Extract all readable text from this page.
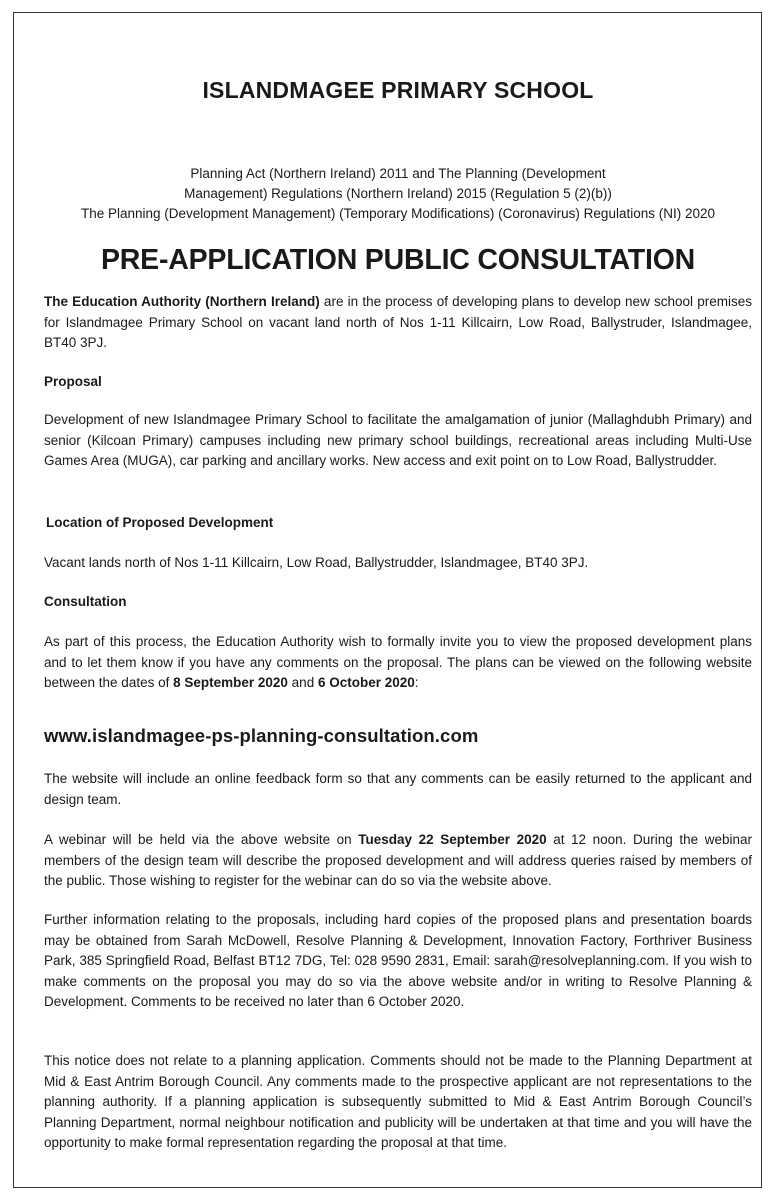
ISLANDMAGEE PRIMARY SCHOOL
Planning Act (Northern Ireland) 2011 and The Planning (Development
Management) Regulations (Northern Ireland) 2015 (Regulation 5 (2)(b))
The Planning (Development Management) (Temporary Modifications) (Coronavirus) Regulations (NI) 2020
PRE-APPLICATION PUBLIC CONSULTATION

The Education Authority (Northern Ireland) are in the process of developing plans to develop new school premises for Islandmagee Primary School on vacant land north of Nos 1-11 Killcairn, Low Road, Ballystruder, Islandmagee, BT40 3PJ.

Proposal

Development of new Islandmagee Primary School to facilitate the amalgamation of junior (Mallaghdubh Primary) and senior (Kilcoan Primary) campuses including new primary school buildings, recreational areas including Multi-Use Games Area (MUGA), car parking and ancillary works. New access and exit point on to Low Road, Ballystrudder.

Location of Proposed Development

Vacant lands north of Nos 1-11 Killcairn, Low Road, Ballystrudder, Islandmagee, BT40 3PJ.

Consultation

As part of this process, the Education Authority wish to formally invite you to view the proposed development plans and to let them know if you have any comments on the proposal. The plans can be viewed on the following website between the dates of 8 September 2020 and 6 October 2020:

www.islandmagee-ps-planning-consultation.com

The website will include an online feedback form so that any comments can be easily returned to the applicant and design team.

A webinar will be held via the above website on Tuesday 22 September 2020 at 12 noon. During the webinar members of the design team will describe the proposed development and will address queries raised by members of the public. Those wishing to register for the webinar can do so via the website above.

Further information relating to the proposals, including hard copies of the proposed plans and presentation boards may be obtained from Sarah McDowell, Resolve Planning & Development, Innovation Factory, Forthriver Business Park, 385 Springfield Road, Belfast BT12 7DG, Tel: 028 9590 2831, Email: sarah@resolveplanning.com. If you wish to make comments on the proposal you may do so via the above website and/or in writing to Resolve Planning & Development. Comments to be received no later than 6 October 2020.

This notice does not relate to a planning application. Comments should not be made to the Planning Department at Mid & East Antrim Borough Council. Any comments made to the prospective applicant are not representations to the planning authority. If a planning application is subsequently submitted to Mid & East Antrim Borough Council’s Planning Department, normal neighbour notification and publicity will be undertaken at that time and you will have the opportunity to make formal representation regarding the proposal at that time.
